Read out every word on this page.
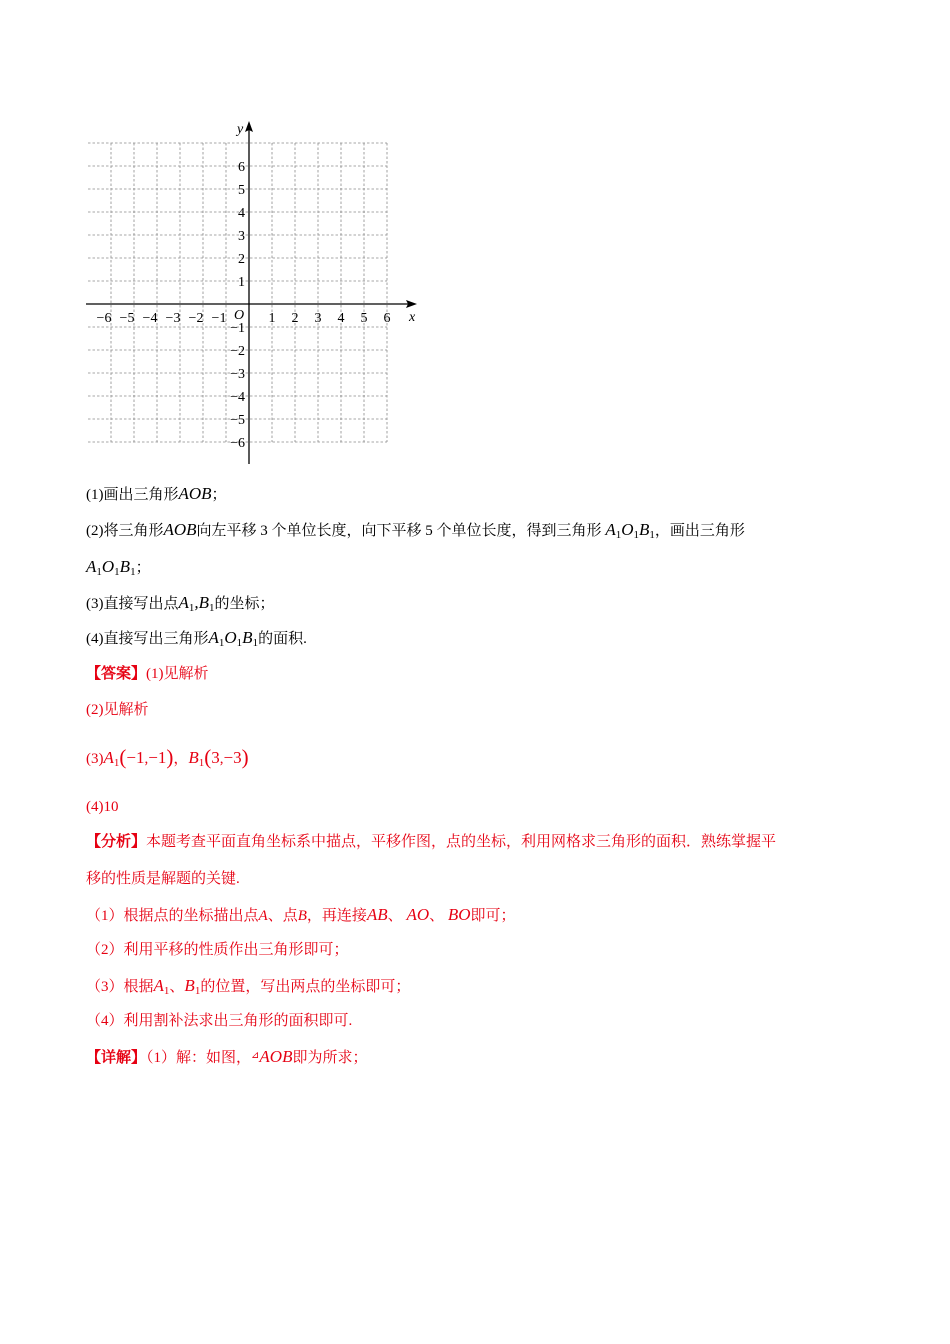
x
y
O
−6 −5 −4 −3 −2 −1	1 2 3 4 5 6
6
5
4
3
2
1
−1
−2
−3
−4
−5
−6
(1)画出三角形AOB；
(2)将三角形AOB向左平移 3 个单位长度，向下平移 5 个单位长度，得到三角形 $A_1O_1B_1$，画出三角形
$A_1O_1B_1$；
(3)直接写出点$A_1,B_1$的坐标；
(4)直接写出三角形$A_1O_1B_1$的面积.
【答案】(1)见解析
(2)见解析
$(3)A_1(-1,-1)$，$B_1(3,-3)$
(4)10
【分析】本题考查平面直角坐标系中描点，平移作图，点的坐标，利用网格求三角形的面积．熟练掌握平
移的性质是解题的关键.
（1）根据点的坐标描出点A、点B，再连接AB、 AO、 BO即可；
（2）利用平移的性质作出三角形即可；
（3）根据$A_1$、$B_1$的位置，写出两点的坐标即可；
（4）利用割补法求出三角形的面积即可.
【详解】（1）解：如图，⊿AOB即为所求；
